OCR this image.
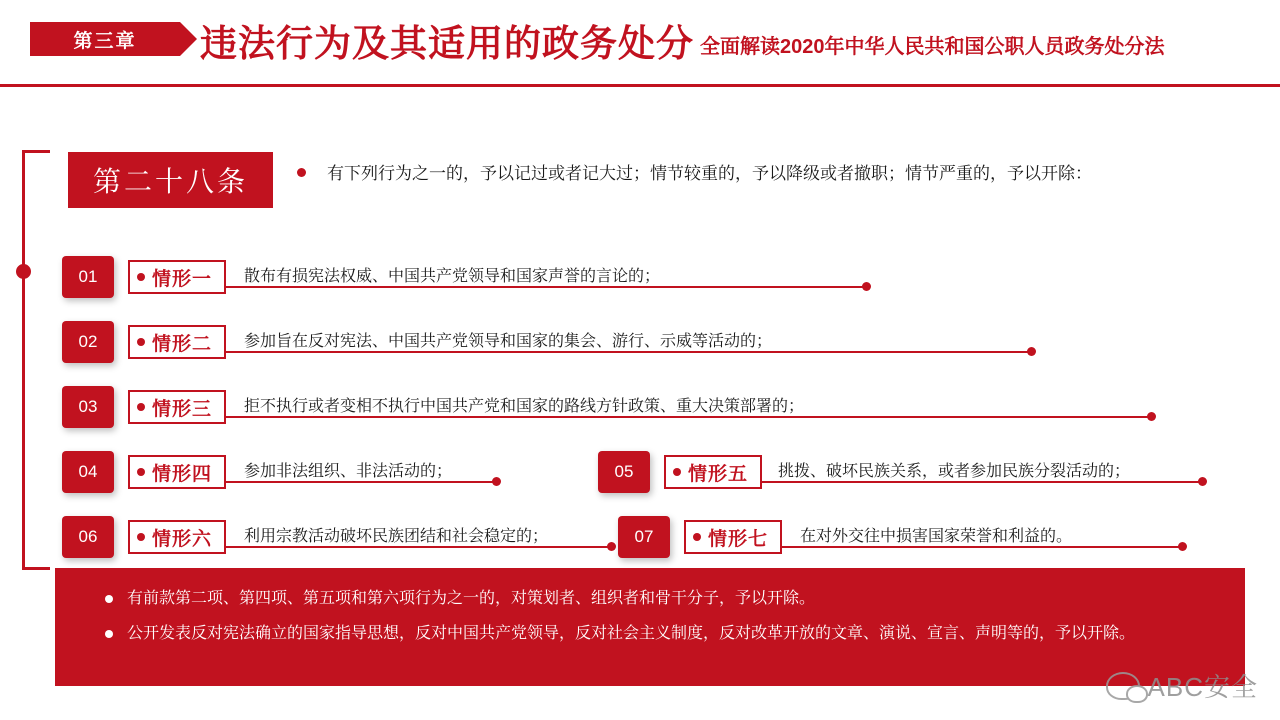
第三章	违法行为及其适用的政务处分 全面解读2020年中华人民共和国公职人员政务处分法
第二十八条	有下列行为之一的，予以记过或者记大过；情节较重的，予以降级或者撤职；情节严重的，予以开除：
01	情形一 散布有损宪法权威、中国共产党领导和国家声誉的言论的；
02	情形二 参加旨在反对宪法、中国共产党领导和国家的集会、游行、示威等活动的；
03	情形三 拒不执行或者变相不执行中国共产党和国家的路线方针政策、重大决策部署的；
04	情形四 参加非法组织、非法活动的；	05	情形五 挑拨、破坏民族关系，或者参加民族分裂活动的；
06	情形六 利用宗教活动破坏民族团结和社会稳定的；	07	情形七 在对外交往中损害国家荣誉和利益的。
有前款第二项、第四项、第五项和第六项行为之一的，对策划者、组织者和骨干分子，予以开除。
公开发表反对宪法确立的国家指导思想，反对中国共产党领导，反对社会主义制度，反对改革开放的文章、演说、宣言、声明等的，予以开除。
ABC安全
